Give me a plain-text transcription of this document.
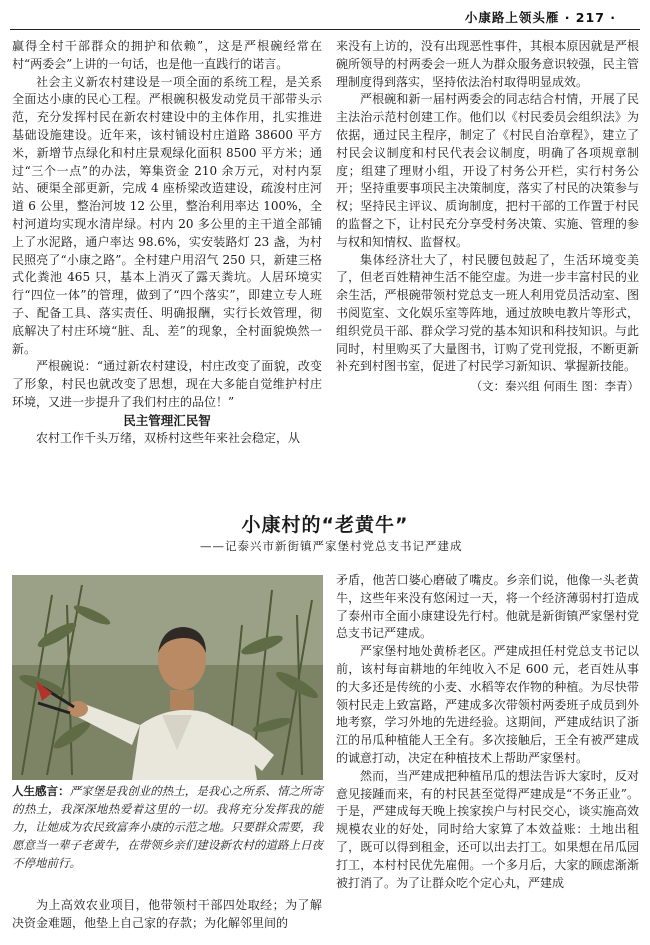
小康路上领头雁 · 217 ·

赢得全村干部群众的拥护和依赖”，这是严根碗经常在村“两委会”上讲的一句话，也是他一直践行的诺言。

社会主义新农村建设是一项全面的系统工程，是关系全面达小康的民心工程。严根碗积极发动党员干部带头示范，充分发挥村民在新农村建设中的主体作用，扎实推进基础设施建设。近年来，该村铺设村庄道路 38600 平方米，新增节点绿化和村庄景观绿化面积 8500 平方米；通过“三个一点”的办法，筹集资金 210 余万元，对村内泵站、硬渠全部更新，完成 4 座桥梁改造建设，疏浚村庄河道 6 公里，整治河坡 12 公里，整治利用率达 100%，全村河道均实现水清岸绿。村内 20 多公里的主干道全部铺上了水泥路，通户率达 98.6%，实安装路灯 23 盏，为村民照亮了“小康之路”。全村建户用沼气 250 只，新建三格式化粪池 465 只，基本上消灭了露天粪坑。人居环境实行“四位一体”的管理，做到了“四个落实”，即建立专人班子、配备工具、落实责任、明确报酬，实行长效管理，彻底解决了村庄环境“脏、乱、差”的现象，全村面貌焕然一新。

严根碗说：“通过新农村建设，村庄改变了面貌，改变了形象，村民也就改变了思想，现在大多能自觉维护村庄环境，又进一步提升了我们村庄的品位！”

民主管理汇民智

农村工作千头万绪，双桥村这些年来社会稳定，从

来没有上访的，没有出现恶性事件，其根本原因就是严根碗所领导的村两委会一班人为群众服务意识较强，民主管理制度得到落实，坚持依法治村取得明显成效。

严根碗和新一届村两委会的同志结合村情，开展了民主法治示范村创建工作。他们以《村民委员会组织法》为依据，通过民主程序，制定了《村民自治章程》，建立了村民会议制度和村民代表会议制度，明确了各项规章制度；组建了理财小组，开设了村务公开栏，实行村务公开；坚持重要事项民主决策制度，落实了村民的决策参与权；坚持民主评议、质询制度，把村干部的工作置于村民的监督之下，让村民充分享受村务决策、实施、管理的参与权和知情权、监督权。

集体经济壮大了，村民腰包鼓起了，生活环境变美了，但老百姓精神生活不能空虚。为进一步丰富村民的业余生活，严根碗带领村党总支一班人利用党员活动室、图书阅览室、文化娱乐室等阵地，通过放映电教片等形式，组织党员干部、群众学习党的基本知识和科技知识。与此同时，村里购买了大量图书，订购了党刊党报，不断更新补充到村图书室，促进了村民学习新知识、掌握新技能。

（文：秦兴组 何雨生 图：李青）

小康村的“老黄牛”
——记泰兴市新街镇严家堡村党总支书记严建成
人生感言：严家堡是我创业的热土，是我心之所系、情之所寄的热土，我深深地热爱着这里的一切。我将充分发挥我的能力，让她成为农民致富奔小康的示范之地。只要群众需要，我愿意当一辈子老黄牛，在带领乡亲们建设新农村的道路上日夜不停地前行。

为上高效农业项目，他带领村干部四处取经；为了解决资金难题，他垫上自己家的存款；为化解邻里间的

矛盾，他苦口婆心磨破了嘴皮。乡亲们说，他像一头老黄牛，这些年来没有悠闲过一天，将一个经济薄弱村打造成了泰州市全面小康建设先行村。他就是新街镇严家堡村党总支书记严建成。

严家堡村地处黄桥老区。严建成担任村党总支书记以前，该村每亩耕地的年纯收入不足 600 元，老百姓从事的大多还是传统的小麦、水稻等农作物的种植。为尽快带领村民走上致富路，严建成多次带领村两委班子成员到外地考察，学习外地的先进经验。这期间，严建成结识了浙江的吊瓜种植能人王全有。多次接触后，王全有被严建成的诚意打动，决定在种植技术上帮助严家堡村。

然而，当严建成把种植吊瓜的想法告诉大家时，反对意见接踵而来，有的村民甚至觉得严建成是“不务正业”。于是，严建成每天晚上挨家挨户与村民交心，谈实施高效规模农业的好处，同时给大家算了本效益账：土地出租了，既可以得到租金，还可以出去打工。如果想在吊瓜园打工，本村村民优先雇佣。一个多月后，大家的顾虑渐渐被打消了。为了让群众吃个定心丸，严建成
